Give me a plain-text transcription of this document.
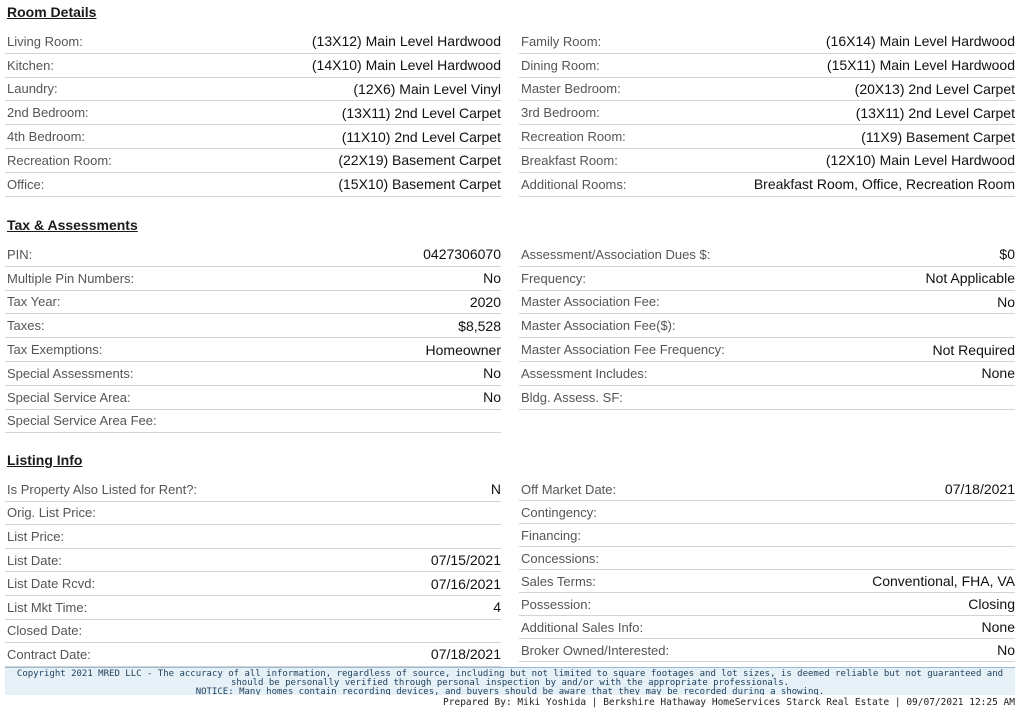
Room Details
Living Room:	(13X12) Main Level Hardwood
Kitchen:	(14X10) Main Level Hardwood
Laundry:	(12X6) Main Level Vinyl
2nd Bedroom:	(13X11) 2nd Level Carpet
4th Bedroom:	(11X10) 2nd Level Carpet
Recreation Room:	(22X19) Basement Carpet
Office:	(15X10) Basement Carpet
Family Room:	(16X14) Main Level Hardwood
Dining Room:	(15X11) Main Level Hardwood
Master Bedroom:	(20X13) 2nd Level Carpet
3rd Bedroom:	(13X11) 2nd Level Carpet
Recreation Room:	(11X9) Basement Carpet
Breakfast Room:	(12X10) Main Level Hardwood
Additional Rooms:	Breakfast Room, Office, Recreation Room
Tax & Assessments
PIN:	0427306070
Multiple Pin Numbers:	No
Tax Year:	2020
Taxes:	$8,528
Tax Exemptions:	Homeowner
Special Assessments:	No
Special Service Area:	No
Special Service Area Fee:
Assessment/Association Dues $:	$0
Frequency:	Not Applicable
Master Association Fee:	No
Master Association Fee($):
Master Association Fee Frequency:	Not Required
Assessment Includes:	None
Bldg. Assess. SF:
Listing Info
Is Property Also Listed for Rent?:	N
Orig. List Price:
List Price:
List Date:	07/15/2021
List Date Rcvd:	07/16/2021
List Mkt Time:	4
Closed Date:
Contract Date:	07/18/2021
Off Market Date:	07/18/2021
Contingency:
Financing:
Concessions:
Sales Terms:	Conventional, FHA, VA
Possession:	Closing
Additional Sales Info:	None
Broker Owned/Interested:	No
Copyright 2021 MRED LLC - The accuracy of all information, regardless of source, including but not limited to square footages and lot sizes, is deemed reliable but not guaranteed and should be personally verified through personal inspection by and/or with the appropriate professionals.
NOTICE: Many homes contain recording devices, and buyers should be aware that they may be recorded during a showing.
Prepared By: Miki Yoshida | Berkshire Hathaway HomeServices Starck Real Estate | 09/07/2021 12:25 AM
